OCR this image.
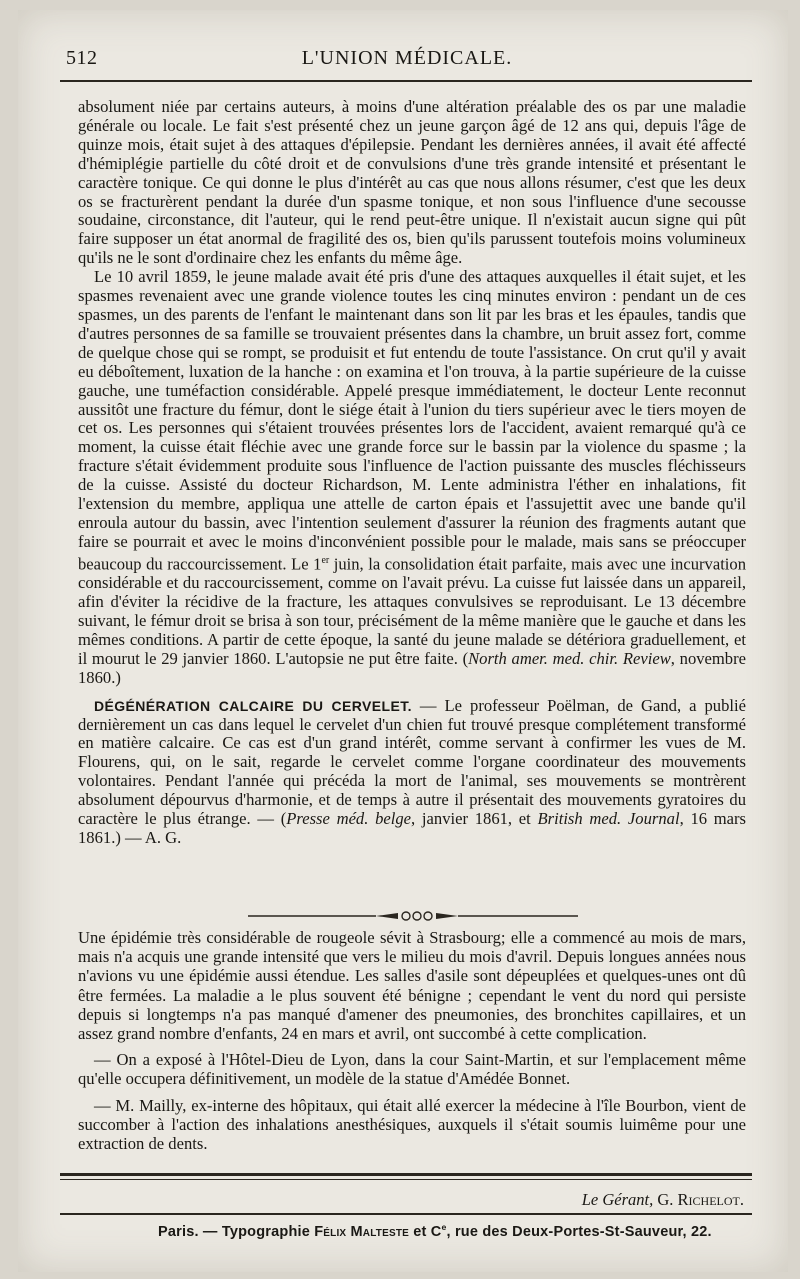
512	L'UNION MÉDICALE.

absolument niée par certains auteurs, à moins d'une altération préalable des os par une maladie générale ou locale. Le fait s'est présenté chez un jeune garçon âgé de 12 ans qui, depuis l'âge de quinze mois, était sujet à des attaques d'épilepsie. Pendant les dernières années, il avait été affecté d'hémiplégie partielle du côté droit et de convulsions d'une très grande intensité et présentant le caractère tonique. Ce qui donne le plus d'intérêt au cas que nous allons résumer, c'est que les deux os se fracturèrent pendant la durée d'un spasme tonique, et non sous l'influence d'une secousse soudaine, circonstance, dit l'auteur, qui le rend peut-être unique. Il n'existait aucun signe qui pût faire supposer un état anormal de fragilité des os, bien qu'ils parussent toutefois moins volumineux qu'ils ne le sont d'ordinaire chez les enfants du même âge.

Le 10 avril 1859, le jeune malade avait été pris d'une des attaques auxquelles il était sujet, et les spasmes revenaient avec une grande violence toutes les cinq minutes environ : pendant un de ces spasmes, un des parents de l'enfant le maintenant dans son lit par les bras et les épaules, tandis que d'autres personnes de sa famille se trouvaient présentes dans la chambre, un bruit assez fort, comme de quelque chose qui se rompt, se produisit et fut entendu de toute l'assistance. On crut qu'il y avait eu déboîtement, luxation de la hanche : on examina et l'on trouva, à la partie supérieure de la cuisse gauche, une tuméfaction considérable. Appelé presque immédiatement, le docteur Lente reconnut aussitôt une fracture du fémur, dont le siége était à l'union du tiers supérieur avec le tiers moyen de cet os. Les personnes qui s'étaient trouvées présentes lors de l'accident, avaient remarqué qu'à ce moment, la cuisse était fléchie avec une grande force sur le bassin par la violence du spasme ; la fracture s'était évidemment produite sous l'influence de l'action puissante des muscles fléchisseurs de la cuisse. Assisté du docteur Richardson, M. Lente administra l'éther en inhalations, fit l'extension du membre, appliqua une attelle de carton épais et l'assujettit avec une bande qu'il enroula autour du bassin, avec l'intention seulement d'assurer la réunion des fragments autant que faire se pourrait et avec le moins d'inconvénient possible pour le malade, mais sans se préoccuper beaucoup du raccourcissement. Le 1er juin, la consolidation était parfaite, mais avec une incurvation considérable et du raccourcissement, comme on l'avait prévu. La cuisse fut laissée dans un appareil, afin d'éviter la récidive de la fracture, les attaques convulsives se reproduisant. Le 13 décembre suivant, le fémur droit se brisa à son tour, précisément de la même manière que le gauche et dans les mêmes conditions. A partir de cette époque, la santé du jeune malade se détériora graduellement, et il mourut le 29 janvier 1860. L'autopsie ne put être faite. (North amer. med. chir. Review, novembre 1860.)

DÉGÉNÉRATION CALCAIRE DU CERVELET. — Le professeur Poëlman, de Gand, a publié dernièrement un cas dans lequel le cervelet d'un chien fut trouvé presque complétement transformé en matière calcaire. Ce cas est d'un grand intérêt, comme servant à confirmer les vues de M. Flourens, qui, on le sait, regarde le cervelet comme l'organe coordinateur des mouvements volontaires. Pendant l'année qui précéda la mort de l'animal, ses mouvements se montrèrent absolument dépourvus d'harmonie, et de temps à autre il présentait des mouvements gyratoires du caractère le plus étrange. — (Presse méd. belge, janvier 1861, et British med. Journal, 16 mars 1861.) — A. G.

Une épidémie très considérable de rougeole sévit à Strasbourg; elle a commencé au mois de mars, mais n'a acquis une grande intensité que vers le milieu du mois d'avril. Depuis longues années nous n'avions vu une épidémie aussi étendue. Les salles d'asile sont dépeuplées et quelques-unes ont dû être fermées. La maladie a le plus souvent été bénigne ; cependant le vent du nord qui persiste depuis si longtemps n'a pas manqué d'amener des pneumonies, des bronchites capillaires, et un assez grand nombre d'enfants, 24 en mars et avril, ont succombé à cette complication.

— On a exposé à l'Hôtel-Dieu de Lyon, dans la cour Saint-Martin, et sur l'emplacement même qu'elle occupera définitivement, un modèle de la statue d'Amédée Bonnet.

— M. Mailly, ex-interne des hôpitaux, qui était allé exercer la médecine à l'île Bourbon, vient de succomber à l'action des inhalations anesthésiques, auxquels il s'était soumis luimême pour une extraction de dents.

Le Gérant, G. Richelot.
Paris. — Typographie Félix Malteste et Ce, rue des Deux-Portes-St-Sauveur, 22.
